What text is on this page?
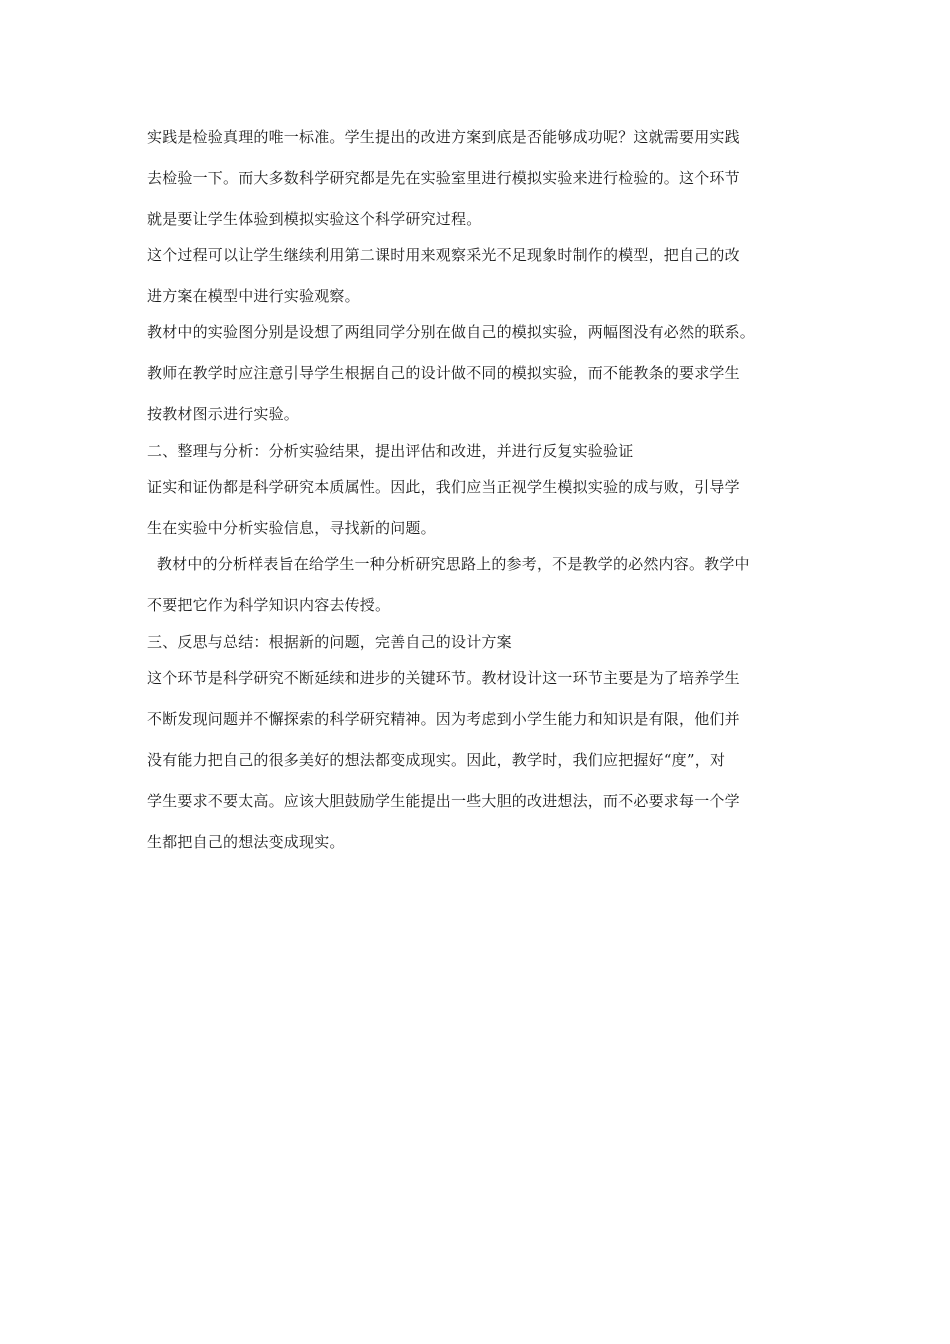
实践是检验真理的唯一标准。学生提出的改进方案到底是否能够成功呢？这就需要用实践
去检验一下。而大多数科学研究都是先在实验室里进行模拟实验来进行检验的。这个环节
就是要让学生体验到模拟实验这个科学研究过程。
这个过程可以让学生继续利用第二课时用来观察采光不足现象时制作的模型，把自己的改
进方案在模型中进行实验观察。
教材中的实验图分别是设想了两组同学分别在做自己的模拟实验，两幅图没有必然的联系。
教师在教学时应注意引导学生根据自己的设计做不同的模拟实验，而不能教条的要求学生
按教材图示进行实验。
二、整理与分析：分析实验结果，提出评估和改进，并进行反复实验验证
证实和证伪都是科学研究本质属性。因此，我们应当正视学生模拟实验的成与败，引导学
生在实验中分析实验信息，寻找新的问题。
教材中的分析样表旨在给学生一种分析研究思路上的参考，不是教学的必然内容。教学中
不要把它作为科学知识内容去传授。
三、反思与总结：根据新的问题，完善自己的设计方案
这个环节是科学研究不断延续和进步的关键环节。教材设计这一环节主要是为了培养学生
不断发现问题并不懈探索的科学研究精神。因为考虑到小学生能力和知识是有限，他们并
没有能力把自己的很多美好的想法都变成现实。因此，教学时，我们应把握好“度”，对
学生要求不要太高。应该大胆鼓励学生能提出一些大胆的改进想法，而不必要求每一个学
生都把自己的想法变成现实。
